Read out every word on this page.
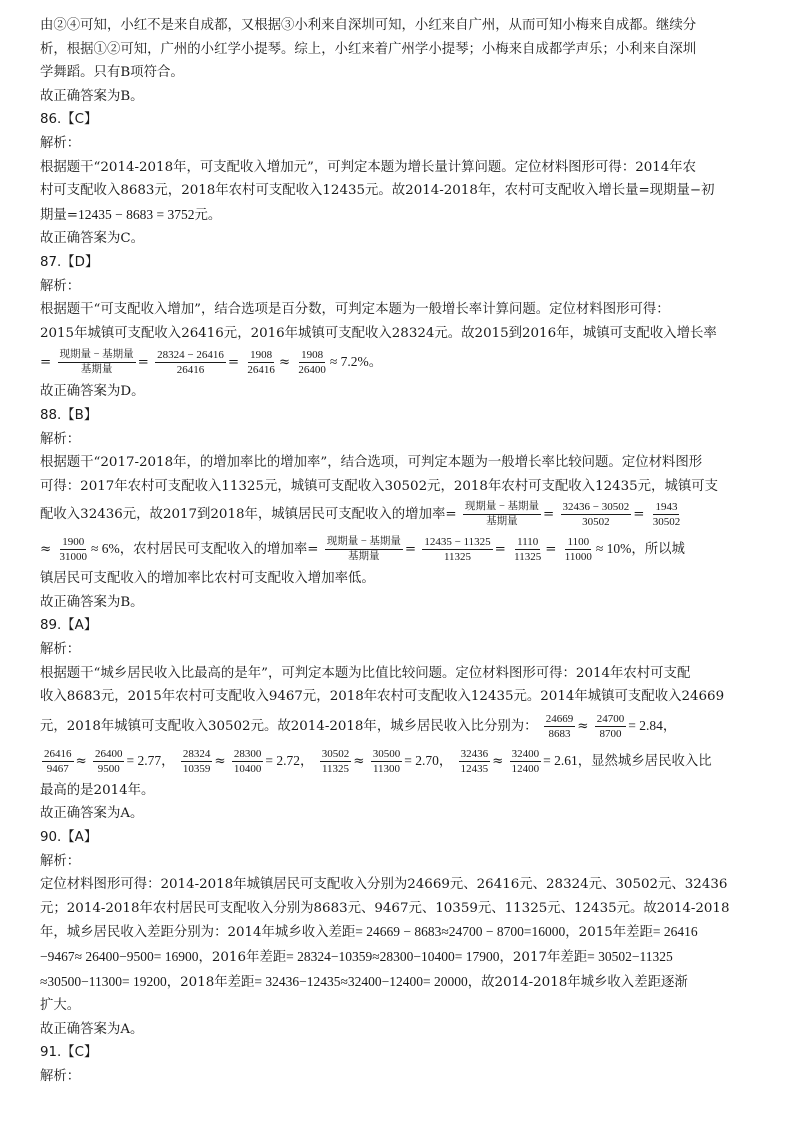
由②④可知，小红不是来自成都，又根据③小利来自深圳可知，小红来自广州，从而可知小梅来自成都。继续分

析，根据①②可知，广州的小红学小提琴。综上，小红来着广州学小提琴；小梅来自成都学声乐；小利来自深圳

学舞蹈。只有B项符合。

故正确答案为B。

86.【C】

解析：

根据题干“2014-2018年，可支配收入增加元”，可判定本题为增长量计算问题。定位材料图形可得：2014年农

村可支配收入8683元，2018年农村可支配收入12435元。故2014-2018年，农村可支配收入增长量=现期量−初

期量=12435 − 8683 = 3752元。

故正确答案为C。

87.【D】

解析：

根据题干“可支配收入增加”，结合选项是百分数，可判定本题为一般增长率计算问题。定位材料图形可得：

2015年城镇可支配收入26416元，2016年城镇可支配收入28324元。故2015到2016年，城镇可支配收入增长率

= $\frac{\text{现期量 − 基期量}}{\text{基期量}} = \frac{28324 - 26416}{26416} = \frac{1908}{26416} \approx \frac{1908}{26400} \approx 7.2\%$。

故正确答案为D。

88.【B】

解析：

根据题干“2017-2018年，的增加率比的增加率”，结合选项，可判定本题为一般增长率比较问题。定位材料图形

可得：2017年农村可支配收入11325元，城镇可支配收入30502元，2018年农村可支配收入12435元，城镇可支

配收入32436元，故2017到2018年，城镇居民可支配收入的增加率= $\frac{\text{现期量 − 基期量}}{\text{基期量}} = \frac{32436 - 30502}{30502} = \frac{1943}{30502}$

≈ $\frac{1900}{31000} \approx 6\%$，农村居民可支配收入的增加率= $\frac{\text{现期量 − 基期量}}{\text{基期量}} = \frac{12435 - 11325}{11325} = \frac{1110}{11325} = \frac{1100}{11000} \approx 10\%$，所以城

镇居民可支配收入的增加率比农村可支配收入增加率低。

故正确答案为B。

89.【A】

解析：

根据题干“城乡居民收入比最高的是年”，可判定本题为比值比较问题。定位材料图形可得：2014年农村可支配

收入8683元，2015年农村可支配收入9467元，2018年农村可支配收入12435元。2014年城镇可支配收入24669

元，2018年城镇可支配收入30502元。故2014-2018年，城乡居民收入比分别为： $\frac{24669}{8683} \approx \frac{24700}{8700} = 2.84$，

$\frac{26416}{9467} \approx \frac{26400}{9500} = 2.77$， $\frac{28324}{10359} \approx \frac{28300}{10400} = 2.72$， $\frac{30502}{11325} \approx \frac{30500}{11300} = 2.70$， $\frac{32436}{12435} \approx \frac{32400}{12400} = 2.61$，显然城乡居民收入比

最高的是2014年。

故正确答案为A。

90.【A】

解析：

定位材料图形可得：2014-2018年城镇居民可支配收入分别为24669元、26416元、28324元、30502元、32436

元；2014-2018年农村居民可支配收入分别为8683元、9467元、10359元、11325元、12435元。故2014-2018

年，城乡居民收入差距分别为：2014年城乡收入差距= 24669 − 8683≈24700 − 8700=16000，2015年差距= 26416

−9467≈ 26400−9500= 16900，2016年差距= 28324−10359≈28300−10400= 17900，2017年差距= 30502−11325

≈30500−11300= 19200，2018年差距= 32436−12435≈32400−12400= 20000，故2014-2018年城乡收入差距逐渐

扩大。

故正确答案为A。

91.【C】

解析：
